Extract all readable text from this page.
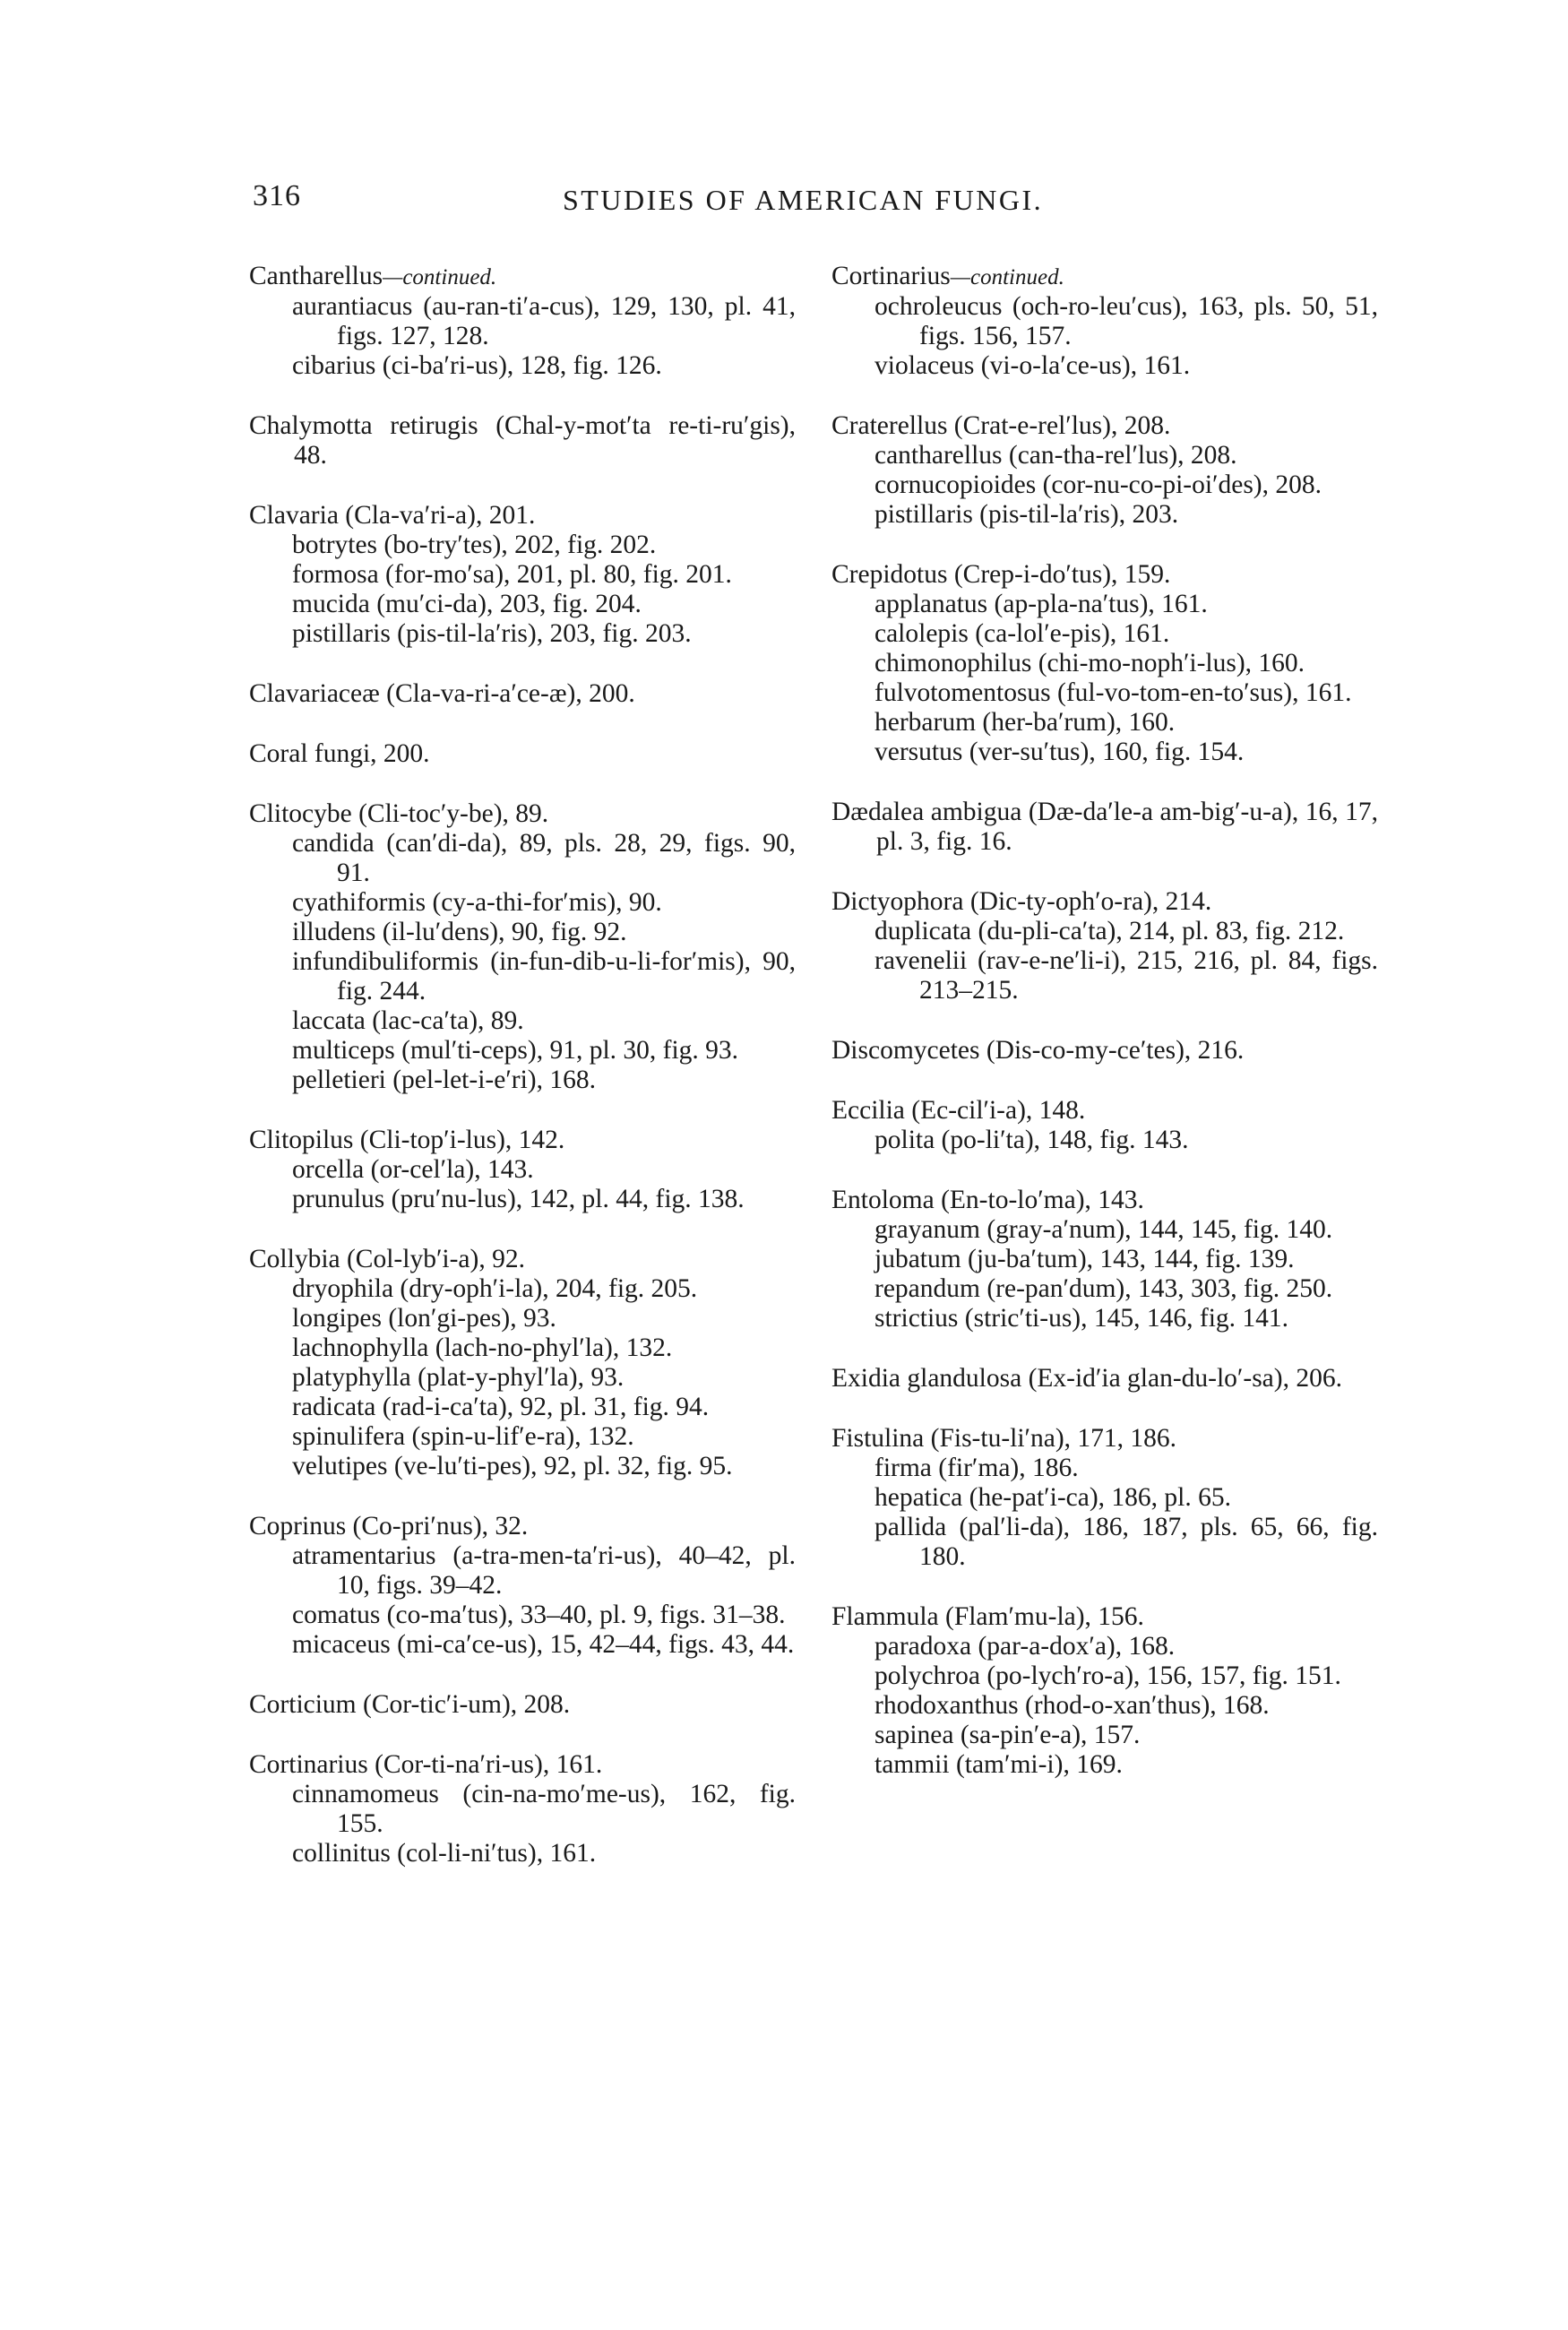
316	STUDIES OF AMERICAN FUNGI.

Cantharellus—continued.

aurantiacus (au-ran-ti′a-cus), 129, 130, pl. 41, figs. 127, 128.

cibarius (ci-ba′ri-us), 128, fig. 126.

Chalymotta retirugis (Chal-y-mot′ta re-ti-ru′gis), 48.

Clavaria (Cla-va′ri-a), 201.

botrytes (bo-try′tes), 202, fig. 202.

formosa (for-mo′sa), 201, pl. 80, fig. 201.

mucida (mu′ci-da), 203, fig. 204.

pistillaris (pis-til-la′ris), 203, fig. 203.

Clavariaceæ (Cla-va-ri-a′ce-æ), 200.

Coral fungi, 200.

Clitocybe (Cli-toc′y-be), 89.

candida (can′di-da), 89, pls. 28, 29, figs. 90, 91.

cyathiformis (cy-a-thi-for′mis), 90.

illudens (il-lu′dens), 90, fig. 92.

infundibuliformis (in-fun-dib-u-li-for′mis), 90, fig. 244.

laccata (lac-ca′ta), 89.

multiceps (mul′ti-ceps), 91, pl. 30, fig. 93.

pelletieri (pel-let-i-e′ri), 168.

Clitopilus (Cli-top′i-lus), 142.

orcella (or-cel′la), 143.

prunulus (pru′nu-lus), 142, pl. 44, fig. 138.

Collybia (Col-lyb′i-a), 92.

dryophila (dry-oph′i-la), 204, fig. 205.

longipes (lon′gi-pes), 93.

lachnophylla (lach-no-phyl′la), 132.

platyphylla (plat-y-phyl′la), 93.

radicata (rad-i-ca′ta), 92, pl. 31, fig. 94.

spinulifera (spin-u-lif′e-ra), 132.

velutipes (ve-lu′ti-pes), 92, pl. 32, fig. 95.

Coprinus (Co-pri′nus), 32.

atramentarius (a-tra-men-ta′ri-us), 40–42, pl. 10, figs. 39–42.

comatus (co-ma′tus), 33–40, pl. 9, figs. 31–38.

micaceus (mi-ca′ce-us), 15, 42–44, figs. 43, 44.

Corticium (Cor-tic′i-um), 208.

Cortinarius (Cor-ti-na′ri-us), 161.

cinnamomeus (cin-na-mo′me-us), 162, fig. 155.

collinitus (col-li-ni′tus), 161.

Cortinarius—continued.

ochroleucus (och-ro-leu′cus), 163, pls. 50, 51, figs. 156, 157.

violaceus (vi-o-la′ce-us), 161.

Craterellus (Crat-e-rel′lus), 208.

cantharellus (can-tha-rel′lus), 208.

cornucopioides (cor-nu-co-pi-oi′des), 208.

pistillaris (pis-til-la′ris), 203.

Crepidotus (Crep-i-do′tus), 159.

applanatus (ap-pla-na′tus), 161.

calolepis (ca-lol′e-pis), 161.

chimonophilus (chi-mo-noph′i-lus), 160.

fulvotomentosus (ful-vo-tom-en-to′sus), 161.

herbarum (her-ba′rum), 160.

versutus (ver-su′tus), 160, fig. 154.

Dædalea ambigua (Dæ-da′le-a am-big′-u-a), 16, 17, pl. 3, fig. 16.

Dictyophora (Dic-ty-oph′o-ra), 214.

duplicata (du-pli-ca′ta), 214, pl. 83, fig. 212.

ravenelii (rav-e-ne′li-i), 215, 216, pl. 84, figs. 213–215.

Discomycetes (Dis-co-my-ce′tes), 216.

Eccilia (Ec-cil′i-a), 148.

polita (po-li′ta), 148, fig. 143.

Entoloma (En-to-lo′ma), 143.

grayanum (gray-a′num), 144, 145, fig. 140.

jubatum (ju-ba′tum), 143, 144, fig. 139.

repandum (re-pan′dum), 143, 303, fig. 250.

strictius (stric′ti-us), 145, 146, fig. 141.

Exidia glandulosa (Ex-id′ia glan-du-lo′-sa), 206.

Fistulina (Fis-tu-li′na), 171, 186.

firma (fir′ma), 186.

hepatica (he-pat′i-ca), 186, pl. 65.

pallida (pal′li-da), 186, 187, pls. 65, 66, fig. 180.

Flammula (Flam′mu-la), 156.

paradoxa (par-a-dox′a), 168.

polychroa (po-lych′ro-a), 156, 157, fig. 151.

rhodoxanthus (rhod-o-xan′thus), 168.

sapinea (sa-pin′e-a), 157.

tammii (tam′mi-i), 169.
